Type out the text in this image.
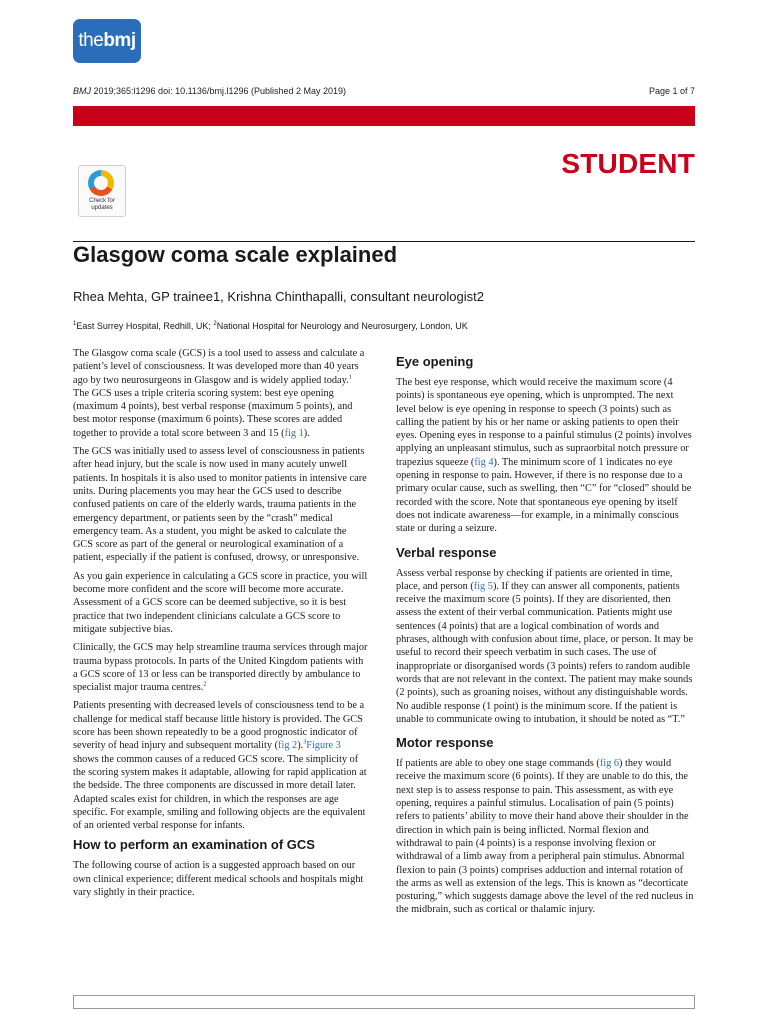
thebmj
BMJ 2019;365:l1296 doi: 10.1136/bmj.l1296 (Published 2 May 2019)	Page 1 of 7
STUDENT
Check for
updates
Glasgow coma scale explained
Rhea Mehta, GP trainee1, Krishna Chinthapalli, consultant neurologist2
$^1$East Surrey Hospital, Redhill, UK; $^2$National Hospital for Neurology and Neurosurgery, London, UK

The Glasgow coma scale (GCS) is a tool used to assess and calculate a patient’s level of consciousness. It was developed more than 40 years ago by two neurosurgeons in Glasgow and is widely applied today.$^1$ The GCS uses a triple criteria scoring system: best eye opening (maximum 4 points), best verbal response (maximum 5 points), and best motor response (maximum 6 points). These scores are added together to provide a total score between 3 and 15 (fig 1).

The GCS was initially used to assess level of consciousness in patients after head injury, but the scale is now used in many acutely unwell patients. In hospitals it is also used to monitor patients in intensive care units. During placements you may hear the GCS used to describe confused patients on care of the elderly wards, trauma patients in the emergency department, or patients seen by the “crash” medical emergency team. As a student, you might be asked to calculate the GCS score as part of the general or neurological examination of a patient, especially if the patient is confused, drowsy, or unresponsive.

As you gain experience in calculating a GCS score in practice, you will become more confident and the score will become more accurate. Assessment of a GCS score can be deemed subjective, so it is best practice that two independent clinicians calculate a GCS score to mitigate subjective bias.

Clinically, the GCS may help streamline trauma services through major trauma bypass protocols. In parts of the United Kingdom patients with a GCS score of 13 or less can be transported directly by ambulance to specialist major trauma centres.$^2$

Patients presenting with decreased levels of consciousness tend to be a challenge for medical staff because little history is provided. The GCS score has been shown repeatedly to be a good prognostic indicator of severity of head injury and subsequent mortality (fig 2).$^3$Figure 3 shows the common causes of a reduced GCS score. The simplicity of the scoring system makes it adaptable, allowing for rapid application at the bedside. The three components are discussed in more detail later. Adapted scales exist for children, in which the responses are age specific. For example, smiling and following objects are the equivalent of an oriented verbal response for infants.

How to perform an examination of GCS

The following course of action is a suggested approach based on our own clinical experience; different medical schools and hospitals might vary slightly in their practice.

Eye opening

The best eye response, which would receive the maximum score (4 points) is spontaneous eye opening, which is unprompted. The next level below is eye opening in response to speech (3 points) such as calling the patient by his or her name or asking patients to open their eyes. Opening eyes in response to a painful stimulus (2 points) involves applying an unpleasant stimulus, such as supraorbital notch pressure or trapezius squeeze (fig 4). The minimum score of 1 indicates no eye opening in response to pain. However, if there is no response due to a primary ocular cause, such as swelling, then “C” for “closed” should be recorded with the score. Note that spontaneous eye opening by itself does not indicate awareness—for example, in a minimally conscious state or during a seizure.

Verbal response

Assess verbal response by checking if patients are oriented in time, place, and person (fig 5). If they can answer all components, patients receive the maximum score (5 points). If they are disoriented, then assess the extent of their verbal communication. Patients might use sentences (4 points) that are a logical combination of words and phrases, although with confusion about time, place, or person. It may be useful to record their speech verbatim in such cases. The use of inappropriate or disorganised words (3 points) refers to random audible words that are not relevant in the context. The patient may make sounds (2 points), such as groaning noises, without any distinguishable words. No audible response (1 point) is the minimum score. If the patient is unable to communicate owing to intubation, it should be noted as “T.”

Motor response

If patients are able to obey one stage commands (fig 6) they would receive the maximum score (6 points). If they are unable to do this, the next step is to assess response to pain. This assessment, as with eye opening, requires a painful stimulus. Localisation of pain (5 points) refers to patients’ ability to move their hand above their shoulder in the direction in which pain is being inflicted. Normal flexion and withdrawal to pain (4 points) is a response involving flexion or withdrawal of a limb away from a peripheral pain stimulus. Abnormal flexion to pain (3 points) comprises adduction and internal rotation of the arms as well as extension of the legs. This is known as “decorticate posturing,” which suggests damage above the level of the red nucleus in the midbrain, such as cortical or thalamic injury.
